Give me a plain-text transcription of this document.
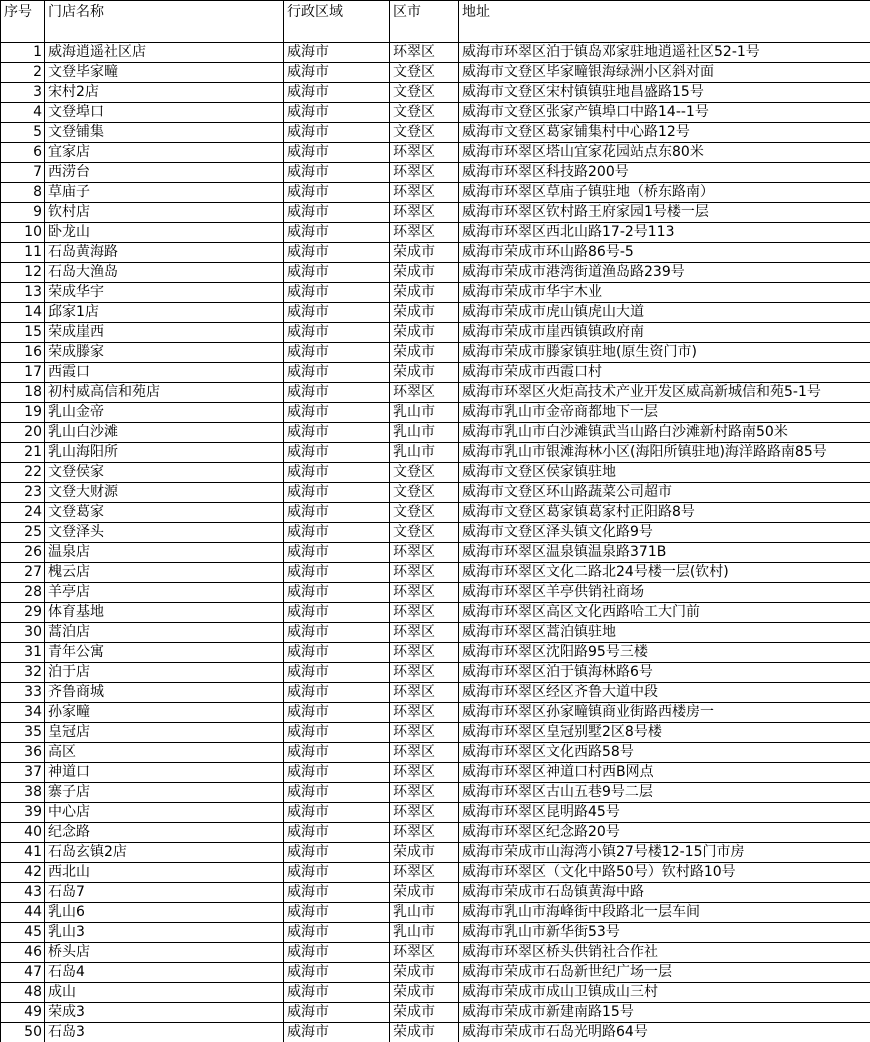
序号	门店名称	行政区域	区市	地址
1	威海逍遥社区店	威海市	环翠区	威海市环翠区泊于镇岛邓家驻地逍遥社区52-1号
2	文登毕家疃	威海市	文登区	威海市文登区毕家疃银海绿洲小区斜对面
3	宋村2店	威海市	文登区	威海市文登区宋村镇镇驻地昌盛路15号
4	文登埠口	威海市	文登区	威海市文登区张家产镇埠口中路14--1号
5	文登铺集	威海市	文登区	威海市文登区葛家铺集村中心路12号
6	宜家店	威海市	环翠区	威海市环翠区塔山宜家花园站点东80米
7	西涝台	威海市	环翠区	威海市环翠区科技路200号
8	草庙子	威海市	环翠区	威海市环翠区草庙子镇驻地（桥东路南）
9	钦村店	威海市	环翠区	威海市环翠区钦村路王府家园1号楼一层
10	卧龙山	威海市	环翠区	威海市环翠区西北山路17-2号113
11	石岛黄海路	威海市	荣成市	威海市荣成市环山路86号-5
12	石岛大渔岛	威海市	荣成市	威海市荣成市港湾街道渔岛路239号
13	荣成华宇	威海市	荣成市	威海市荣成市华宇木业
14	邱家1店	威海市	荣成市	威海市荣成市虎山镇虎山大道
15	荣成崖西	威海市	荣成市	威海市荣成市崖西镇镇政府南
16	荣成滕家	威海市	荣成市	威海市荣成市滕家镇驻地(原生资门市)
17	西霞口	威海市	荣成市	威海市荣成市西霞口村
18	初村威高信和苑店	威海市	环翠区	威海市环翠区火炬高技术产业开发区威高新城信和苑5-1号
19	乳山金帝	威海市	乳山市	威海市乳山市金帝商都地下一层
20	乳山白沙滩	威海市	乳山市	威海市乳山市白沙滩镇武当山路白沙滩新村路南50米
21	乳山海阳所	威海市	乳山市	威海市乳山市银滩海林小区(海阳所镇驻地)海洋路路南85号
22	文登侯家	威海市	文登区	威海市文登区侯家镇驻地
23	文登大财源	威海市	文登区	威海市文登区环山路蔬菜公司超市
24	文登葛家	威海市	文登区	威海市文登区葛家镇葛家村正阳路8号
25	文登泽头	威海市	文登区	威海市文登区泽头镇文化路9号
26	温泉店	威海市	环翠区	威海市环翠区温泉镇温泉路371B
27	槐云店	威海市	环翠区	威海市环翠区文化二路北24号楼一层(钦村)
28	羊亭店	威海市	环翠区	威海市环翠区羊亭供销社商场
29	体育基地	威海市	环翠区	威海市环翠区高区文化西路哈工大门前
30	蒿泊店	威海市	环翠区	威海市环翠区蒿泊镇驻地
31	青年公寓	威海市	环翠区	威海市环翠区沈阳路95号三楼
32	泊于店	威海市	环翠区	威海市环翠区泊于镇海林路6号
33	齐鲁商城	威海市	环翠区	威海市环翠区经区齐鲁大道中段
34	孙家疃	威海市	环翠区	威海市环翠区孙家疃镇商业街路西楼房一
35	皇冠店	威海市	环翠区	威海市环翠区皇冠别墅2区8号楼
36	高区	威海市	环翠区	威海市环翠区文化西路58号
37	神道口	威海市	环翠区	威海市环翠区神道口村西B网点
38	寨子店	威海市	环翠区	威海市环翠区古山五巷9号二层
39	中心店	威海市	环翠区	威海市环翠区昆明路45号
40	纪念路	威海市	环翠区	威海市环翠区纪念路20号
41	石岛玄镇2店	威海市	荣成市	威海市荣成市山海湾小镇27号楼12-15门市房
42	西北山	威海市	环翠区	威海市环翠区（文化中路50号）钦村路10号
43	石岛7	威海市	荣成市	威海市荣成市石岛镇黄海中路
44	乳山6	威海市	乳山市	威海市乳山市海峰街中段路北一层车间
45	乳山3	威海市	乳山市	威海市乳山市新华街53号
46	桥头店	威海市	环翠区	威海市环翠区桥头供销社合作社
47	石岛4	威海市	荣成市	威海市荣成市石岛新世纪广场一层
48	成山	威海市	荣成市	威海市荣成市成山卫镇成山三村
49	荣成3	威海市	荣成市	威海市荣成市新建南路15号
50	石岛3	威海市	荣成市	威海市荣成市石岛光明路64号
